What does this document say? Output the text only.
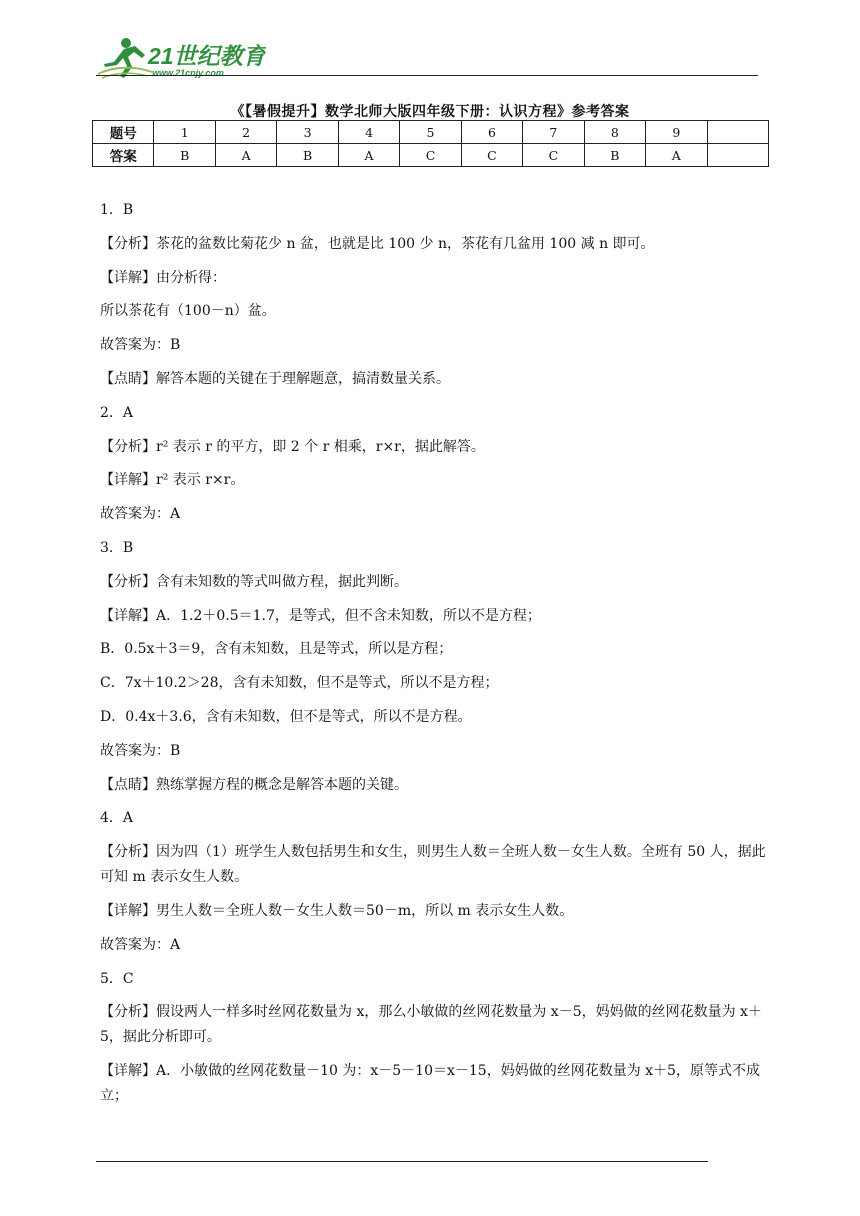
21世纪教育
www.21cnjy.com
《【暑假提升】数学北师大版四年级下册：认识方程》参考答案
题号	1	2	3	4	5	6	7	8	9	
答案	B	A	B	A	C	C	C	B	A	

1．B

【分析】茶花的盆数比菊花少 n 盆，也就是比 100 少 n，茶花有几盆用 100 减 n 即可。

【详解】由分析得：

所以茶花有（100－n）盆。

故答案为：B

【点睛】解答本题的关键在于理解题意，搞清数量关系。

2．A

【分析】r² 表示 r 的平方，即 2 个 r 相乘，r×r，据此解答。

【详解】r² 表示 r×r。

故答案为：A

3．B

【分析】含有未知数的等式叫做方程，据此判断。

【详解】A．1.2＋0.5＝1.7，是等式，但不含未知数，所以不是方程；

B．0.5x＋3＝9，含有未知数，且是等式，所以是方程；

C．7x＋10.2＞28，含有未知数，但不是等式，所以不是方程；

D．0.4x＋3.6，含有未知数，但不是等式，所以不是方程。

故答案为：B

【点睛】熟练掌握方程的概念是解答本题的关键。

4．A

【分析】因为四（1）班学生人数包括男生和女生，则男生人数＝全班人数－女生人数。全班有 50 人，据此可知 m 表示女生人数。

【详解】男生人数＝全班人数－女生人数＝50－m，所以 m 表示女生人数。

故答案为：A

5．C

【分析】假设两人一样多时丝网花数量为 x，那么小敏做的丝网花数量为 x－5，妈妈做的丝网花数量为 x＋5，据此分析即可。

【详解】A．小敏做的丝网花数量－10 为：x－5－10＝x－15，妈妈做的丝网花数量为 x＋5，原等式不成立；
